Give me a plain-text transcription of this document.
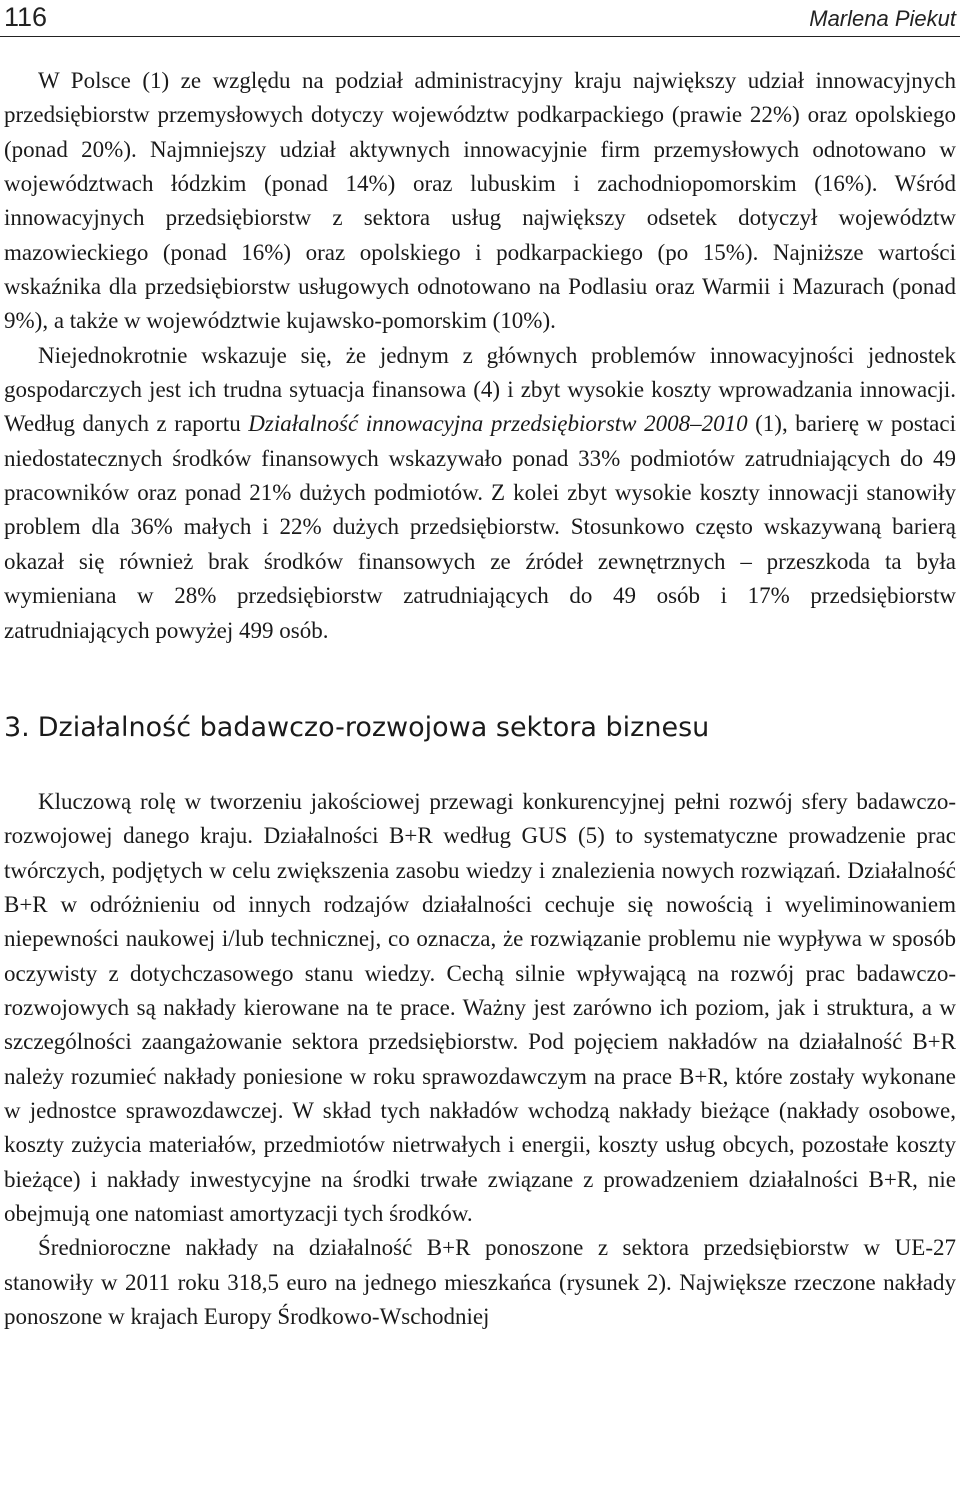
116	Marlena Piekut

W Polsce (1) ze względu na podział administracyjny kraju największy udział innowacyjnych przedsiębiorstw przemysłowych dotyczy województw podkarpackiego (prawie 22%) oraz opolskiego (ponad 20%). Najmniejszy udział aktywnych innowacyjnie firm przemysłowych odnotowano w województwach łódzkim (ponad 14%) oraz lubuskim i zachodniopomorskim (16%). Wśród innowacyjnych przedsiębiorstw z sektora usług największy odsetek dotyczył województw mazowieckiego (ponad 16%) oraz opolskiego i podkarpackiego (po 15%). Najniższe wartości wskaźnika dla przedsiębiorstw usługowych odnotowano na Podlasiu oraz Warmii i Mazurach (ponad 9%), a także w województwie kujawsko-pomorskim (10%).

Niejednokrotnie wskazuje się, że jednym z głównych problemów innowacyjności jednostek gospodarczych jest ich trudna sytuacja finansowa (4) i zbyt wysokie koszty wprowadzania innowacji. Według danych z raportu Działalność innowacyjna przedsiębiorstw 2008–2010 (1), barierę w postaci niedostatecznych środków finansowych wskazywało ponad 33% podmiotów zatrudniających do 49 pracowników oraz ponad 21% dużych podmiotów. Z kolei zbyt wysokie koszty innowacji stanowiły problem dla 36% małych i 22% dużych przedsiębiorstw. Stosunkowo często wskazywaną barierą okazał się również brak środków finansowych ze źródeł zewnętrznych – przeszkoda ta była wymieniana w 28% przedsiębiorstw zatrudniających do 49 osób i 17% przedsiębiorstw zatrudniających powyżej 499 osób.

3. Działalność badawczo-rozwojowa sektora biznesu

Kluczową rolę w tworzeniu jakościowej przewagi konkurencyjnej pełni rozwój sfery badawczo-rozwojowej danego kraju. Działalności B+R według GUS (5) to systematyczne prowadzenie prac twórczych, podjętych w celu zwiększenia zasobu wiedzy i znalezienia nowych rozwiązań. Działalność B+R w odróżnieniu od innych rodzajów działalności cechuje się nowością i wyeliminowaniem niepewności naukowej i/lub technicznej, co oznacza, że rozwiązanie problemu nie wypływa w sposób oczywisty z dotychczasowego stanu wiedzy. Cechą silnie wpływającą na rozwój prac badawczo-rozwojowych są nakłady kierowane na te prace. Ważny jest zarówno ich poziom, jak i struktura, a w szczególności zaangażowanie sektora przedsiębiorstw. Pod pojęciem nakładów na działalność B+R należy rozumieć nakłady poniesione w roku sprawozdawczym na prace B+R, które zostały wykonane w jednostce sprawozdawczej. W skład tych nakładów wchodzą nakłady bieżące (nakłady osobowe, koszty zużycia materiałów, przedmiotów nietrwałych i energii, koszty usług obcych, pozostałe koszty bieżące) i nakłady inwestycyjne na środki trwałe związane z prowadzeniem działalności B+R, nie obejmują one natomiast amortyzacji tych środków.

Średnioroczne nakłady na działalność B+R ponoszone z sektora przedsiębiorstw w UE-27 stanowiły w 2011 roku 318,5 euro na jednego mieszkańca (rysunek 2). Największe rzeczone nakłady ponoszone w krajach Europy Środkowo-Wschodniej
